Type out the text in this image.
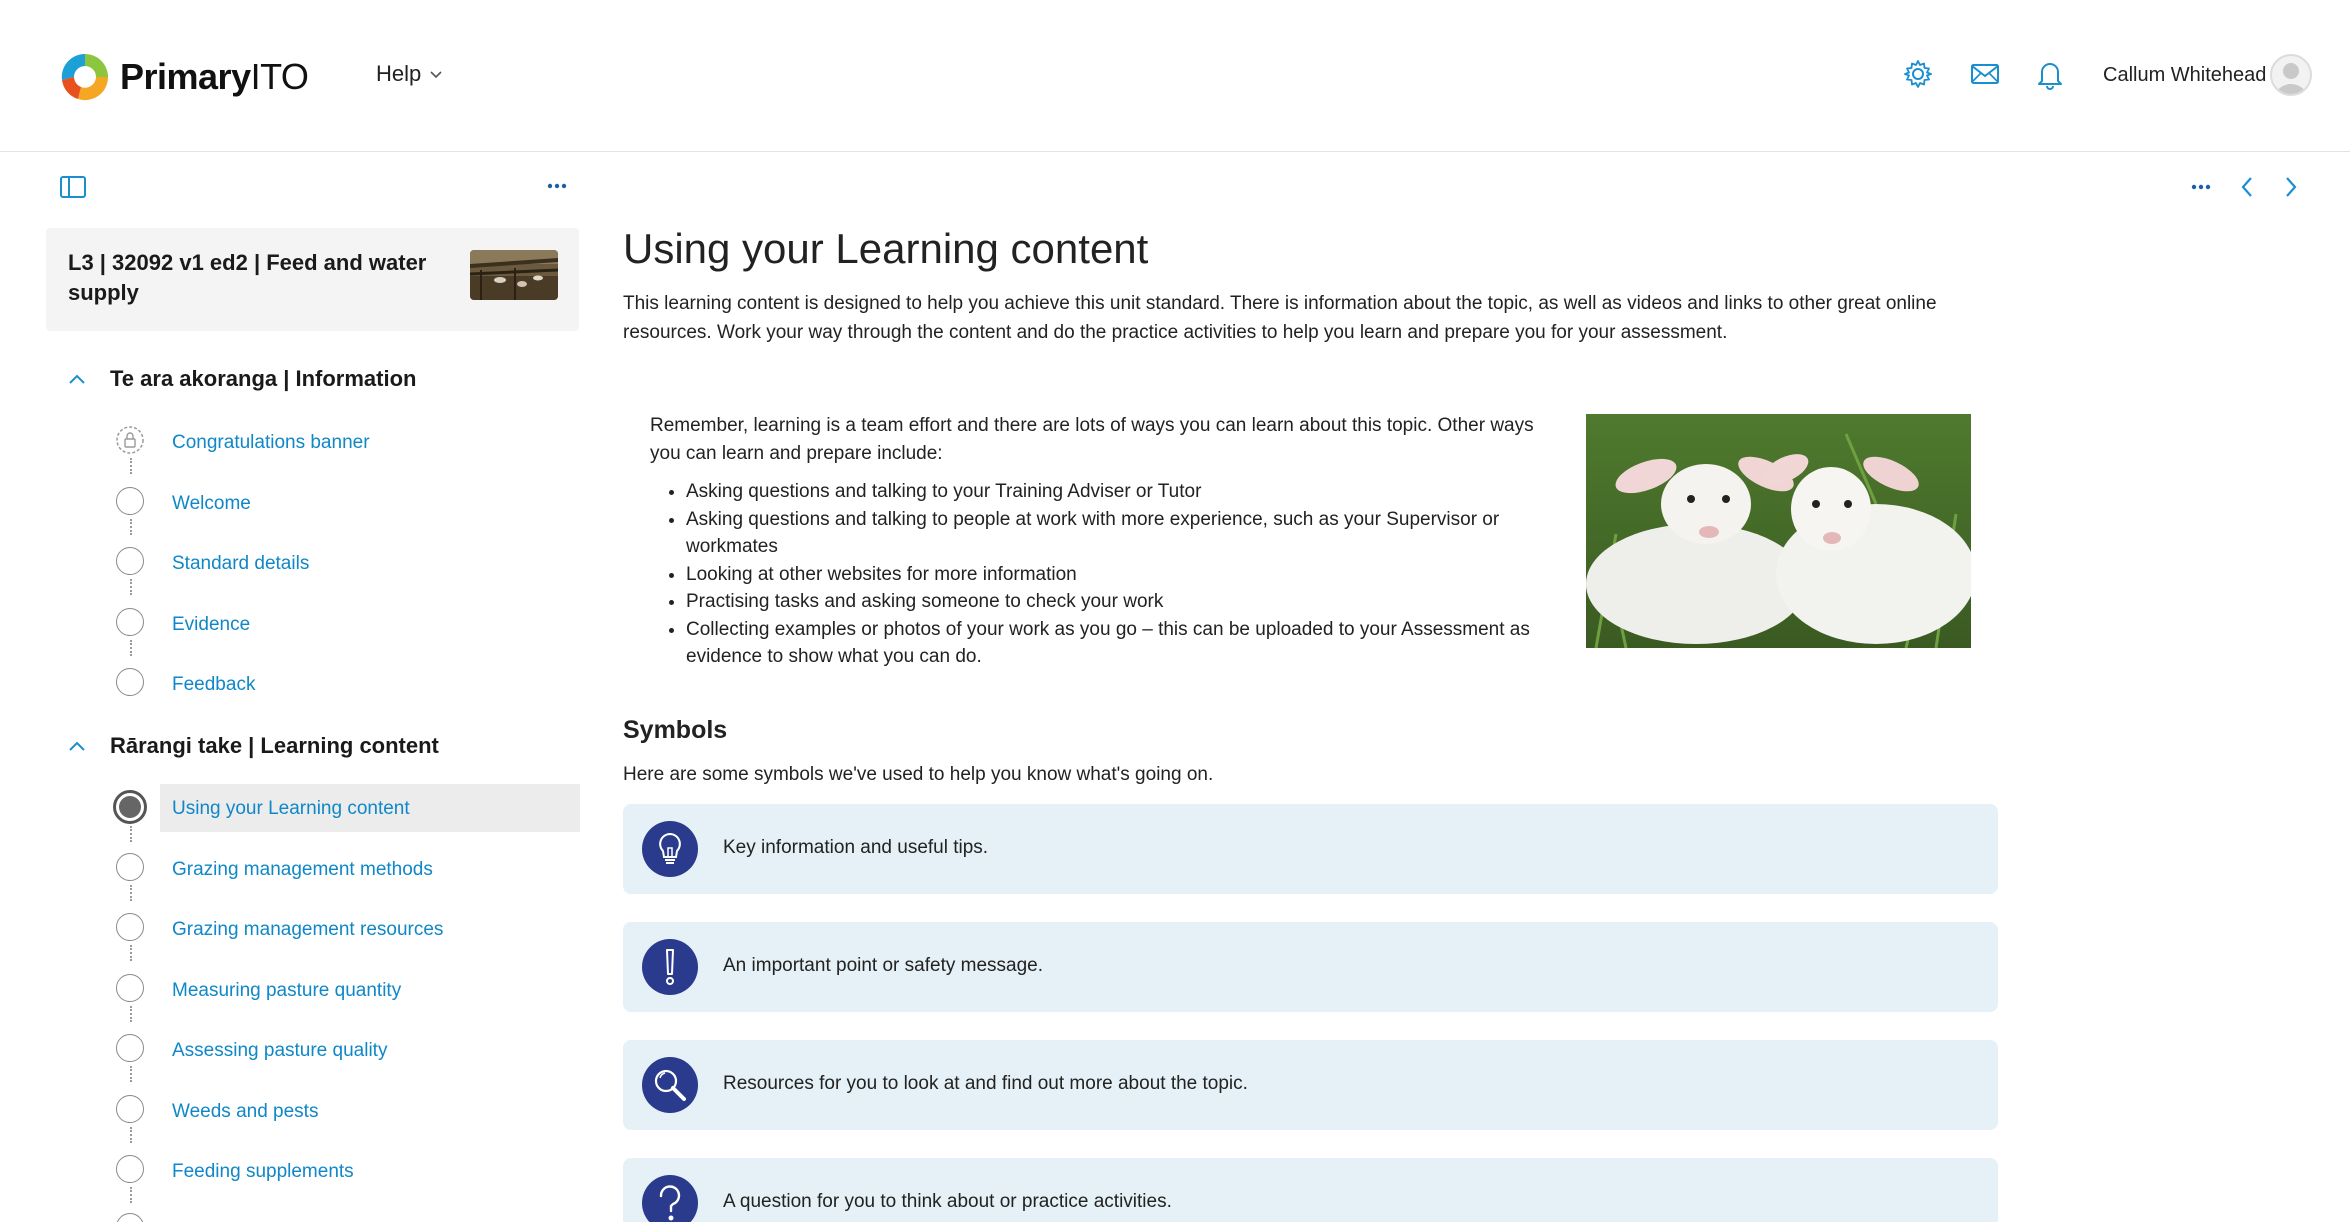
PrimaryITO	Help	Callum Whitehead
L3 | 32092 v1 ed2 | Feed and water supply
Te ara akoranga | Information
Congratulations banner
Welcome
Standard details
Evidence
Feedback
Rārangi take | Learning content
Using your Learning content
Grazing management methods
Grazing management resources
Measuring pasture quantity
Assessing pasture quality
Weeds and pests
Feeding supplements
Using your Learning content

This learning content is designed to help you achieve this unit standard. There is information about the topic, as well as videos and links to other great online resources. Work your way through the content and do the practice activities to help you learn and prepare you for your assessment.

Remember, learning is a team effort and there are lots of ways you can learn about this topic. Other ways you can learn and prepare include:

• Asking questions and talking to your Training Adviser or Tutor
• Asking questions and talking to people at work with more experience, such as your Supervisor or workmates
• Looking at other websites for more information
• Practising tasks and asking someone to check your work
• Collecting examples or photos of your work as you go – this can be uploaded to your Assessment as evidence to show what you can do.
Symbols

Here are some symbols we've used to help you know what's going on.

Key information and useful tips.
An important point or safety message.
Resources for you to look at and find out more about the topic.
A question for you to think about or practice activities.
